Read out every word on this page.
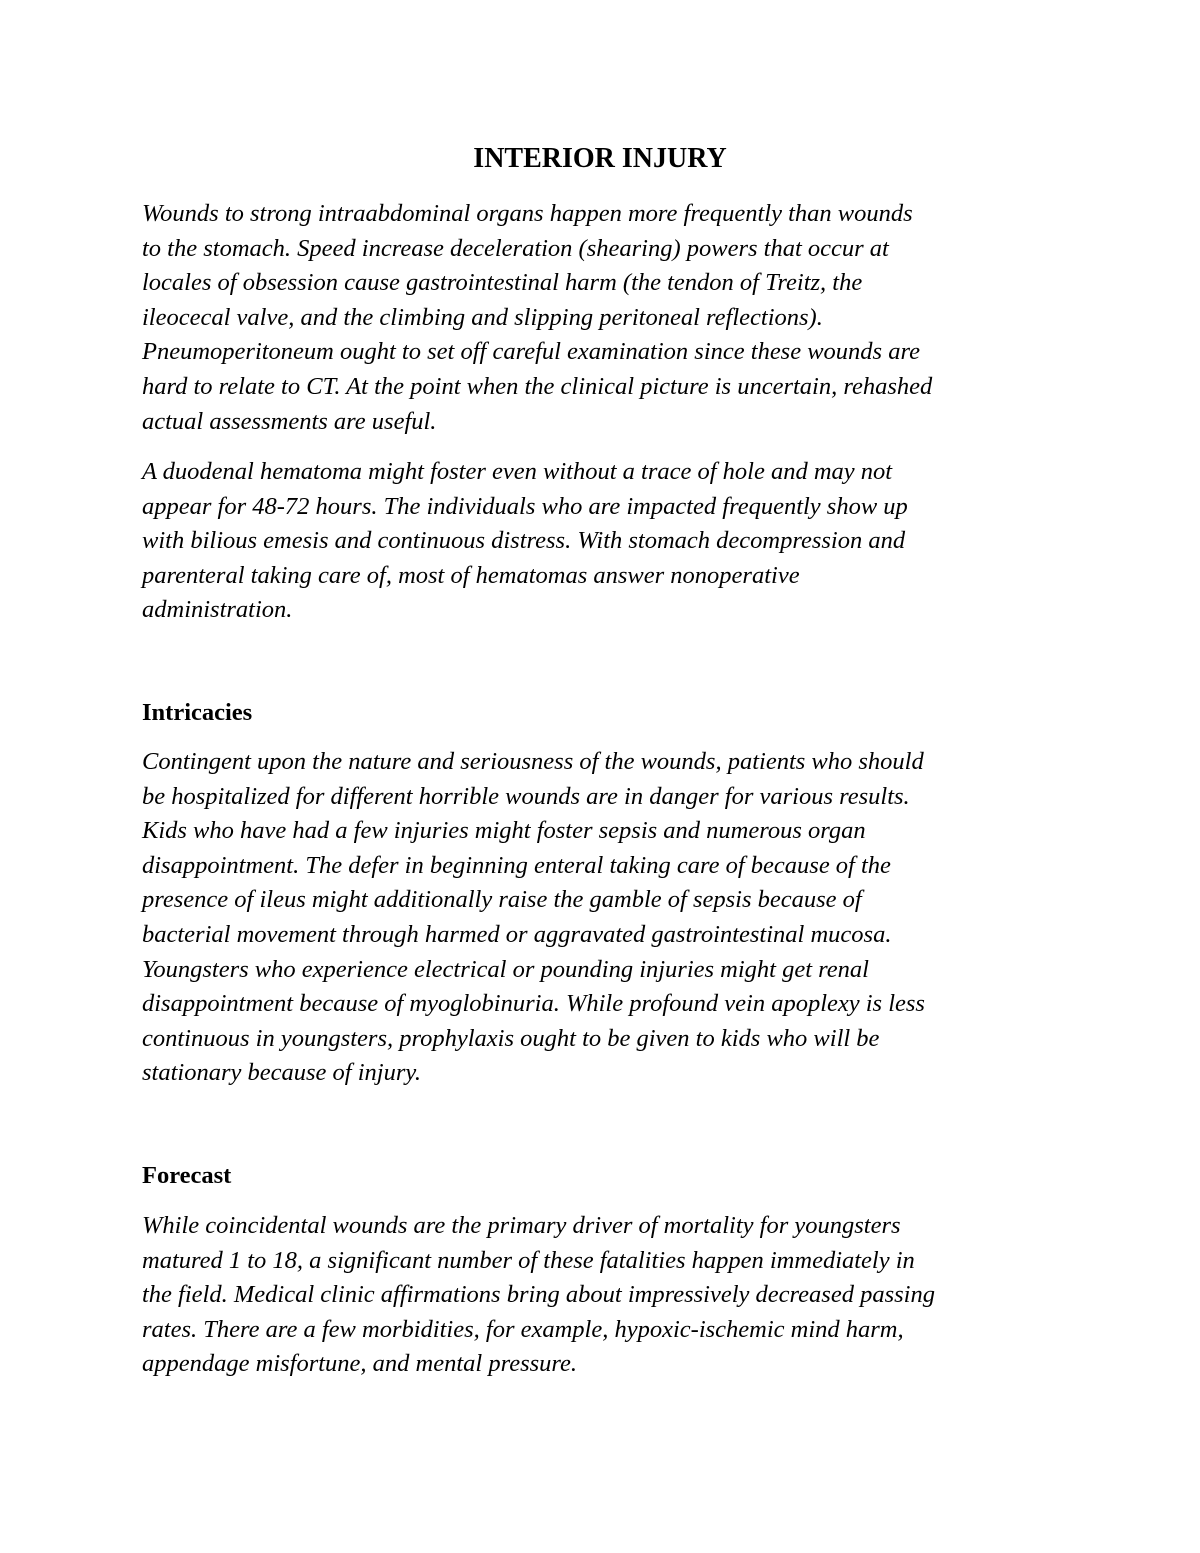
INTERIOR INJURY

Wounds to strong intraabdominal organs happen more frequently than wounds
to the stomach. Speed increase deceleration (shearing) powers that occur at
locales of obsession cause gastrointestinal harm (the tendon of Treitz, the
ileocecal valve, and the climbing and slipping peritoneal reflections).
Pneumoperitoneum ought to set off careful examination since these wounds are
hard to relate to CT. At the point when the clinical picture is uncertain, rehashed
actual assessments are useful.

A duodenal hematoma might foster even without a trace of hole and may not
appear for 48-72 hours. The individuals who are impacted frequently show up
with bilious emesis and continuous distress. With stomach decompression and
parenteral taking care of, most of hematomas answer nonoperative
administration.

Intricacies

Contingent upon the nature and seriousness of the wounds, patients who should
be hospitalized for different horrible wounds are in danger for various results.
Kids who have had a few injuries might foster sepsis and numerous organ
disappointment. The defer in beginning enteral taking care of because of the
presence of ileus might additionally raise the gamble of sepsis because of
bacterial movement through harmed or aggravated gastrointestinal mucosa.
Youngsters who experience electrical or pounding injuries might get renal
disappointment because of myoglobinuria. While profound vein apoplexy is less
continuous in youngsters, prophylaxis ought to be given to kids who will be
stationary because of injury.

Forecast

While coincidental wounds are the primary driver of mortality for youngsters
matured 1 to 18, a significant number of these fatalities happen immediately in
the field. Medical clinic affirmations bring about impressively decreased passing
rates. There are a few morbidities, for example, hypoxic-ischemic mind harm,
appendage misfortune, and mental pressure.
